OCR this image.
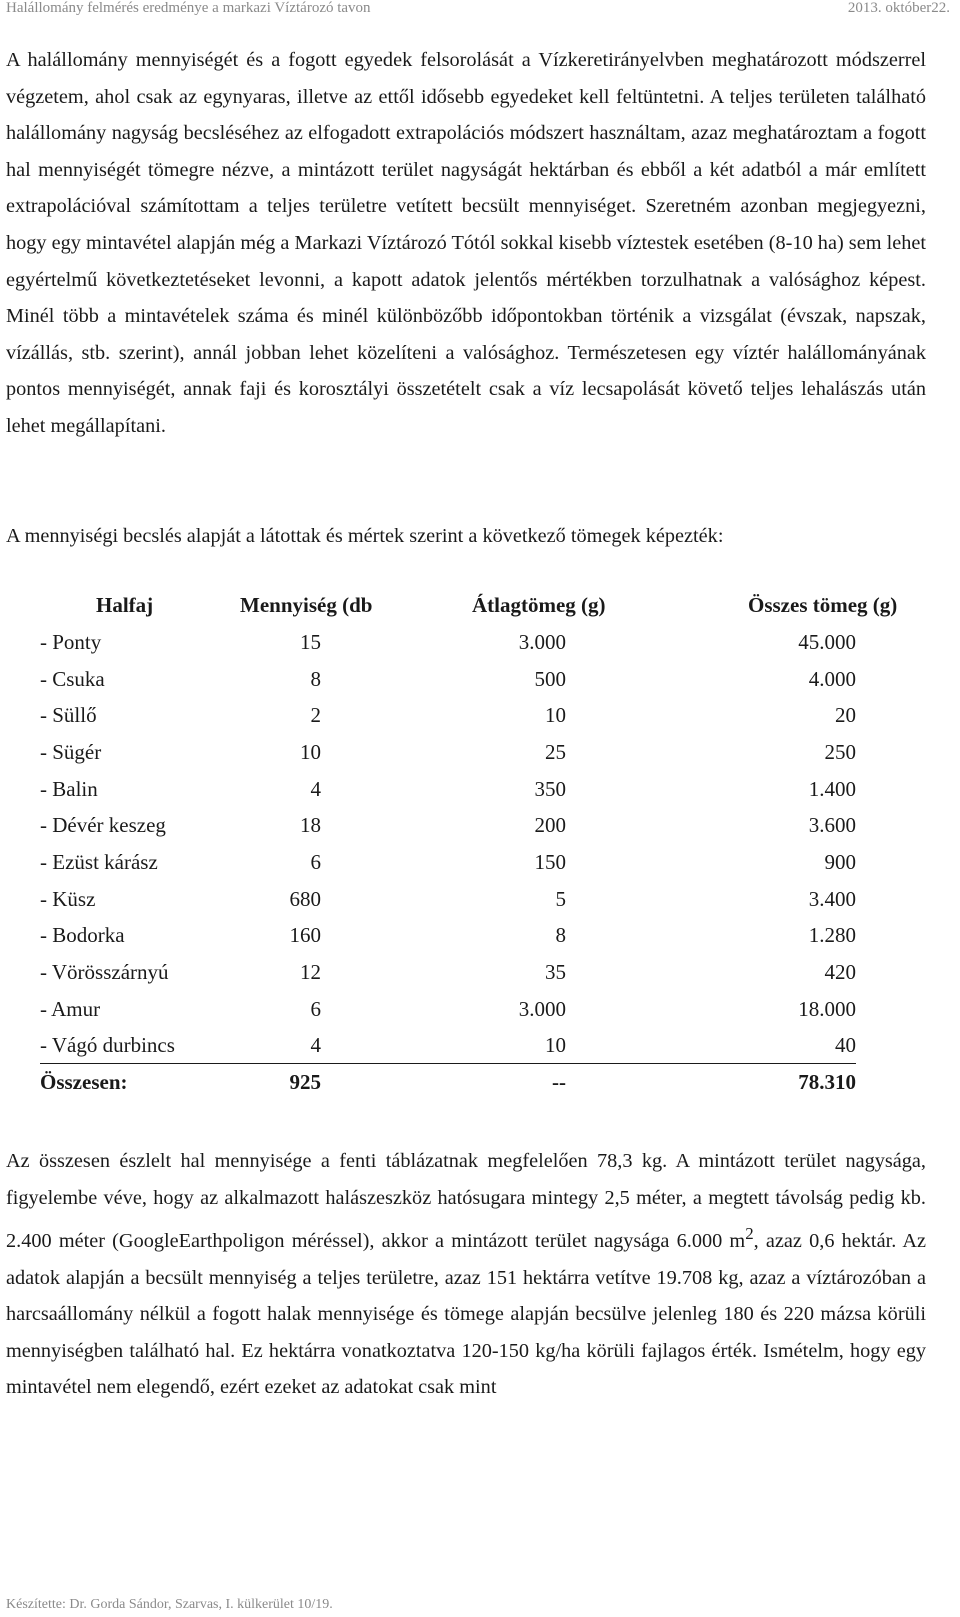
Halállomány felmérés eredménye a markazi Víztározó tavon	2013. október22.
A halállomány mennyiségét és a fogott egyedek felsorolását a Vízkeretirányelvben meghatározott módszerrel végzetem, ahol csak az egynyaras, illetve az ettől idősebb egyedeket kell feltüntetni. A teljes területen található halállomány nagyság becsléséhez az elfogadott extrapolációs módszert használtam, azaz meghatároztam a fogott hal mennyiségét tömegre nézve, a mintázott terület nagyságát hektárban és ebből a két adatból a már említett extrapolációval számítottam a teljes területre vetített becsült mennyiséget. Szeretném azonban megjegyezni, hogy egy mintavétel alapján még a Markazi Víztározó Tótól sokkal kisebb víztestek esetében (8-10 ha) sem lehet egyértelmű következtetéseket levonni, a kapott adatok jelentős mértékben torzulhatnak a valósághoz képest. Minél több a mintavételek száma és minél különbözőbb időpontokban történik a vizsgálat (évszak, napszak, vízállás, stb. szerint), annál jobban lehet közelíteni a valósághoz. Természetesen egy víztér halállományának pontos mennyiségét, annak faji és korosztályi összetételt csak a víz lecsapolását követő teljes lehalászás után lehet megállapítani.
A mennyiségi becslés alapját a látottak és mértek szerint a következő tömegek képezték:
Halfaj	Mennyiség (db	Átlagtömeg (g)	Összes tömeg (g)
- Ponty	15	3.000	45.000
- Csuka	8	500	4.000
- Süllő	2	10	20
- Sügér	10	25	250
- Balin	4	350	1.400
- Dévér keszeg	18	200	3.600
- Ezüst kárász	6	150	900
- Küsz	680	5	3.400
- Bodorka	160	8	1.280
- Vörösszárnyú	12	35	420
- Amur	6	3.000	18.000
- Vágó durbincs	4	10	40
Összesen:	925	--	78.310
Az összesen észlelt hal mennyisége a fenti táblázatnak megfelelően 78,3 kg. A mintázott terület nagysága, figyelembe véve, hogy az alkalmazott halászeszköz hatósugara mintegy 2,5 méter, a megtett távolság pedig kb. 2.400 méter (GoogleEarthpoligon méréssel), akkor a mintázott terület nagysága 6.000 $m^2$, azaz 0,6 hektár. Az adatok alapján a becsült mennyiség a teljes területre, azaz 151 hektárra vetítve 19.708 kg, azaz a víztározóban a harcsaállomány nélkül a fogott halak mennyisége és tömege alapján becsülve jelenleg 180 és 220 mázsa körüli mennyiségben található hal. Ez hektárra vonatkoztatva 120-150 kg/ha körüli fajlagos érték. Ismételm, hogy egy mintavétel nem elegendő, ezért ezeket az adatokat csak mint
Készítette: Dr. Gorda Sándor, Szarvas, I. külkerület 10/19.
